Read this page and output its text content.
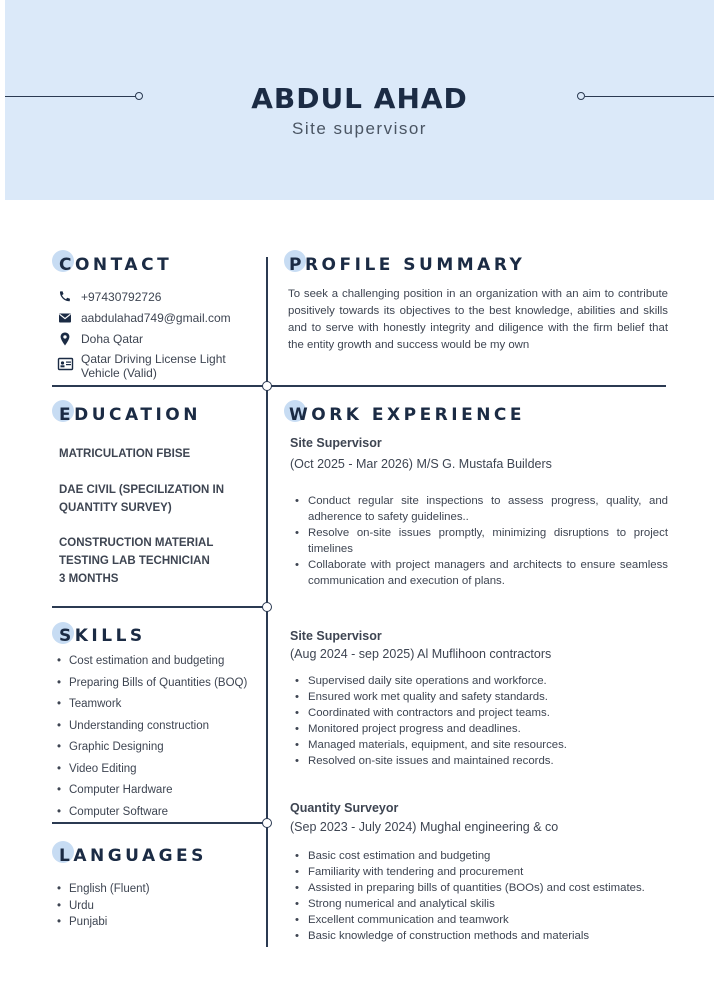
ABDUL AHAD
Site supervisor
CONTACT
+97430792726
aabdulahad749@gmail.com
Doha Qatar
Qatar Driving License Light Vehicle (Valid)
PROFILE SUMMARY
To seek a challenging position in an organization with an aim to contribute positively towards its objectives to the best knowledge, abilities and skills and to serve with honestly integrity and diligence with the firm belief that the entity growth and success would be my own
EDUCATION
MATRICULATION FBISE
DAE CIVIL (SPECILIZATION IN QUANTITY SURVEY)
CONSTRUCTION MATERIAL TESTING LAB TECHNICIAN
3 MONTHS
SKILLS
• Cost estimation and budgeting
• Preparing Bills of Quantities (BOQ)
• Teamwork
• Understanding construction
• Graphic Designing
• Video Editing
• Computer Hardware
• Computer Software
LANGUAGES
• English (Fluent)
• Urdu
• Punjabi
WORK EXPERIENCE
Site Supervisor
(Oct 2025 - Mar 2026) M/S G. Mustafa Builders
• Conduct regular site inspections to assess progress, quality, and adherence to safety guidelines..
• Resolve on-site issues promptly, minimizing disruptions to project timelines
• Collaborate with project managers and architects to ensure seamless communication and execution of plans.
Site Supervisor
(Aug 2024 - sep 2025) Al Muflihoon contractors
• Supervised daily site operations and workforce.
• Ensured work met quality and safety standards.
• Coordinated with contractors and project teams.
• Monitored project progress and deadlines.
• Managed materials, equipment, and site resources.
• Resolved on-site issues and maintained records.
Quantity Surveyor
(Sep 2023 - July 2024) Mughal engineering & co
• Basic cost estimation and budgeting
• Familiarity with tendering and procurement
• Assisted in preparing bills of quantities (BOOs) and cost estimates.
• Strong numerical and analytical skilis
• Excellent communication and teamwork
• Basic knowledge of construction methods and materials
